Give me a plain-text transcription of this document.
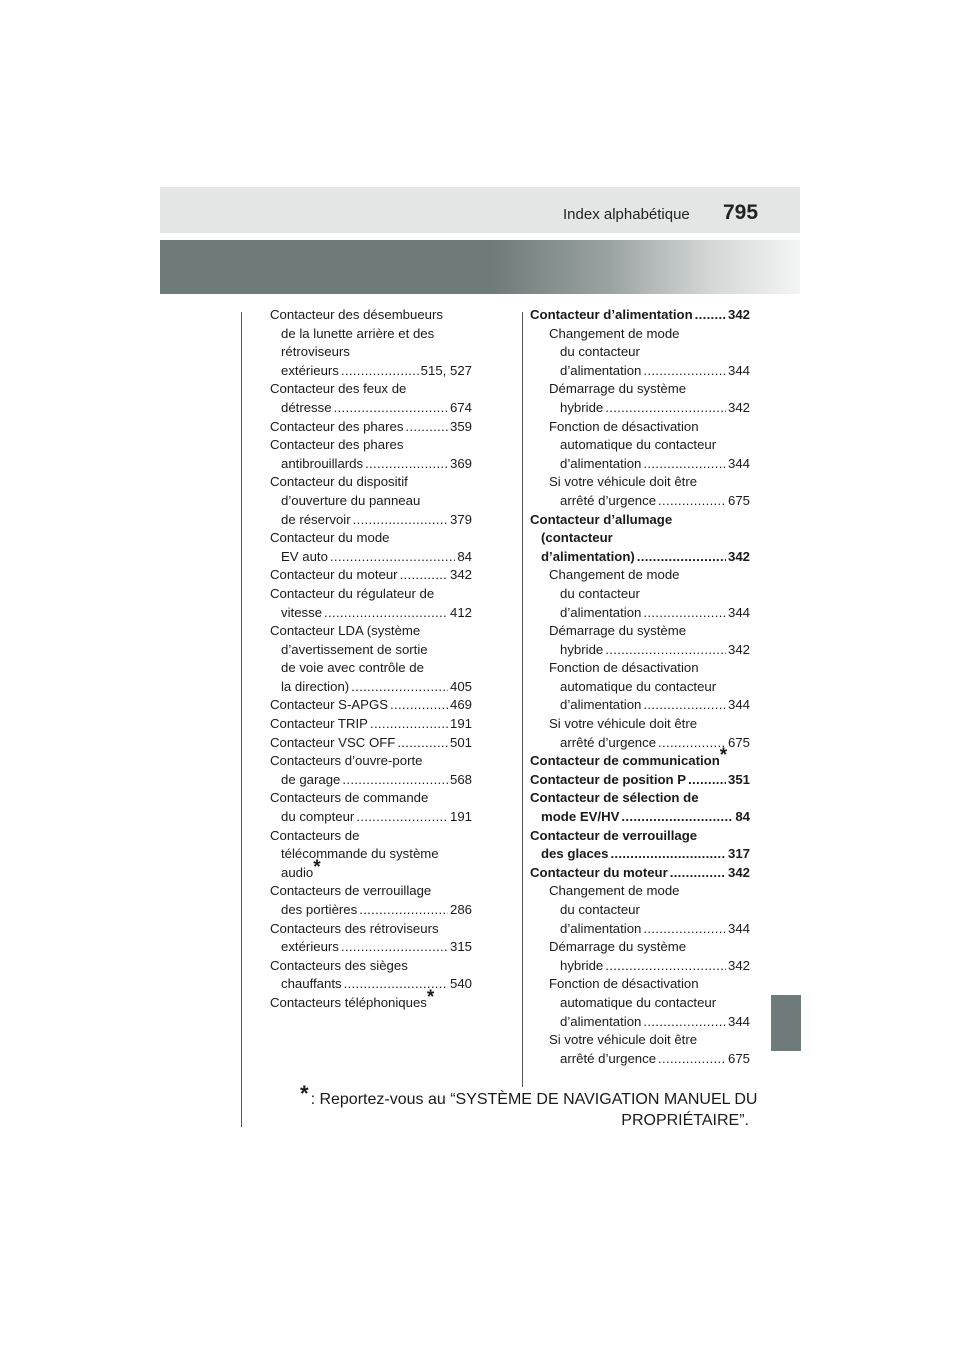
Index alphabétique 795
Contacteur des désembueurs
de la lunette arrière et des
rétroviseurs
extérieurs .....	515, 527
Contacteur des feux de
détresse .....	674
Contacteur des phares .....	359
Contacteur des phares
antibrouillards .....	369
Contacteur du dispositif
d’ouverture du panneau
de réservoir .....	379
Contacteur du mode
EV auto .....	84
Contacteur du moteur .....	342
Contacteur du régulateur de
vitesse .....	412
Contacteur LDA (système
d’avertissement de sortie
de voie avec contrôle de
la direction) .....	405
Contacteur S-APGS .....	469
Contacteur TRIP .....	191
Contacteur VSC OFF .....	501
Contacteurs d’ouvre-porte
de garage .....	568
Contacteurs de commande
du compteur .....	191
Contacteurs de
télécommande du système
audio*
Contacteurs de verrouillage
des portières .....	286
Contacteurs des rétroviseurs
extérieurs .....	315
Contacteurs des sièges
chauffants .....	540
Contacteurs téléphoniques*
Contacteur d’alimentation .....	342
Changement de mode
du contacteur
d’alimentation .....	344
Démarrage du système
hybride .....	342
Fonction de désactivation
automatique du contacteur
d’alimentation .....	344
Si votre véhicule doit être
arrêté d’urgence .....	675
Contacteur d’allumage
(contacteur
d’alimentation) .....	342
Changement de mode
du contacteur
d’alimentation .....	344
Démarrage du système
hybride .....	342
Fonction de désactivation
automatique du contacteur
d’alimentation .....	344
Si votre véhicule doit être
arrêté d’urgence .....	675
Contacteur de communication*
Contacteur de position P .....	351
Contacteur de sélection de
mode EV/HV .....	84
Contacteur de verrouillage
des glaces .....	317
Contacteur du moteur .....	342
Changement de mode
du contacteur
d’alimentation .....	344
Démarrage du système
hybride .....	342
Fonction de désactivation
automatique du contacteur
d’alimentation .....	344
Si votre véhicule doit être
arrêté d’urgence .....	675
* : Reportez-vous au “SYSTÈME DE NAVIGATION MANUEL DU
PROPRIÉTAIRE”.
